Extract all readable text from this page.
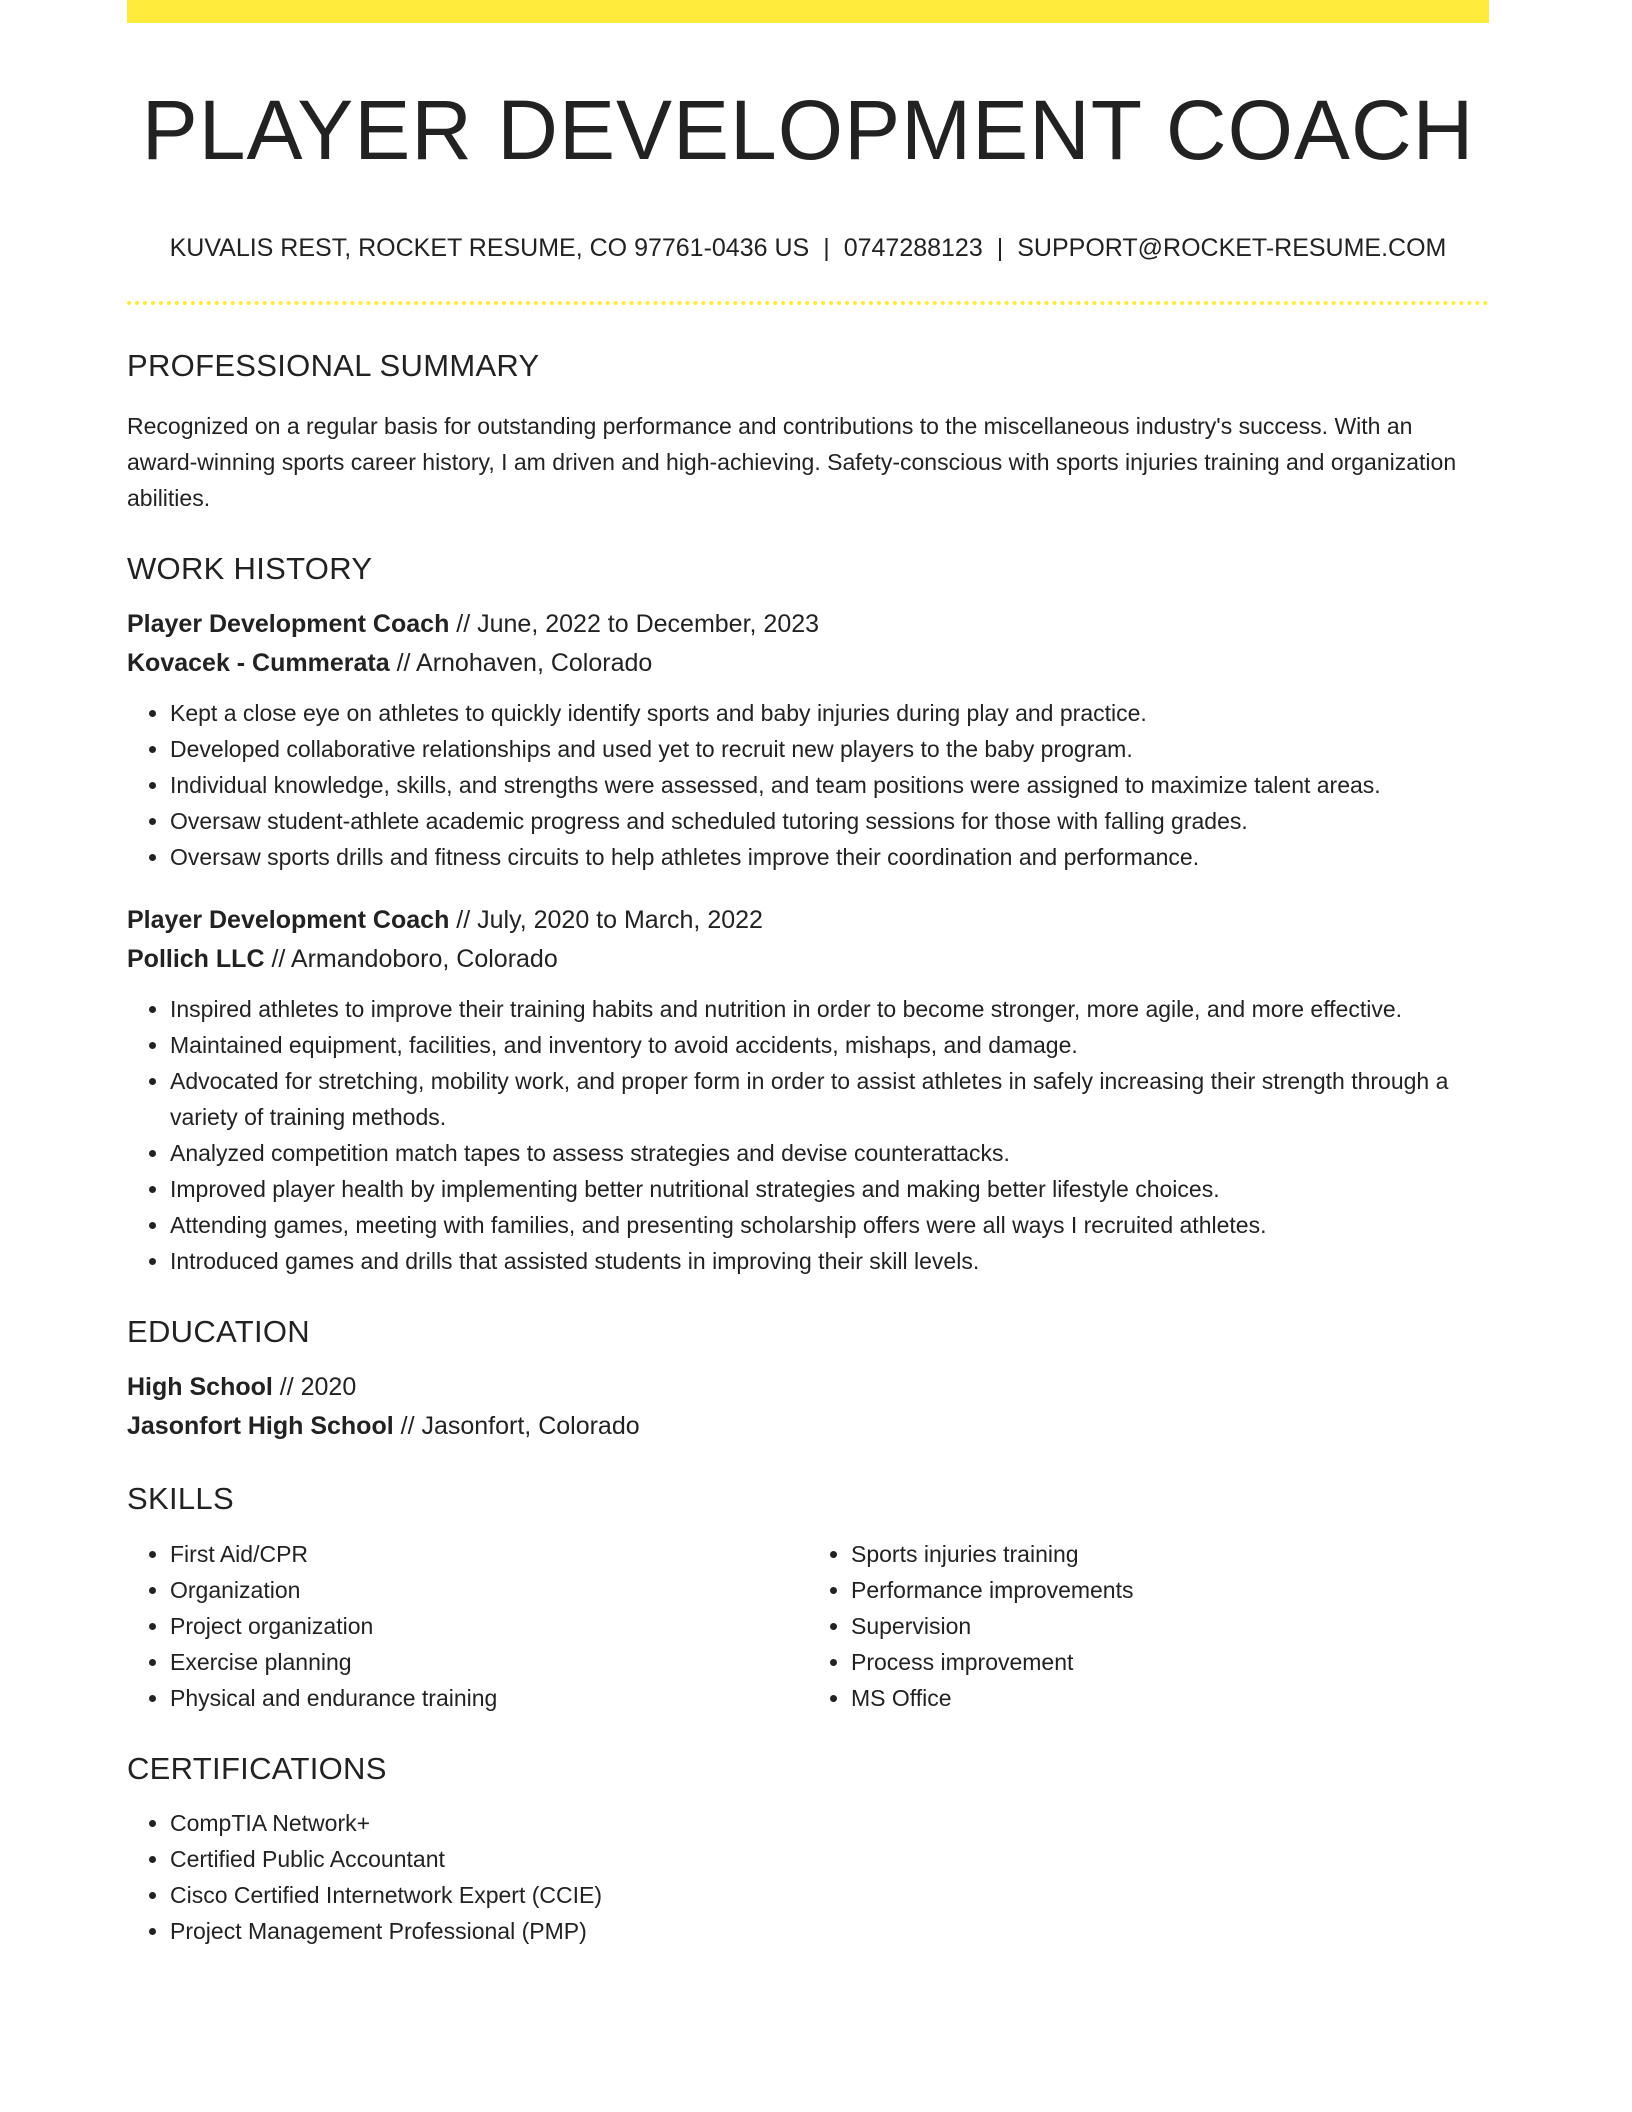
PLAYER DEVELOPMENT COACH
KUVALIS REST, ROCKET RESUME, CO 97761-0436 US | 0747288123 | SUPPORT@ROCKET-RESUME.COM
PROFESSIONAL SUMMARY
Recognized on a regular basis for outstanding performance and contributions to the miscellaneous industry's success. With an award-winning sports career history, I am driven and high-achieving. Safety-conscious with sports injuries training and organization abilities.
WORK HISTORY
Player Development Coach // June, 2022 to December, 2023
Kovacek - Cummerata // Arnohaven, Colorado
• Kept a close eye on athletes to quickly identify sports and baby injuries during play and practice.
• Developed collaborative relationships and used yet to recruit new players to the baby program.
• Individual knowledge, skills, and strengths were assessed, and team positions were assigned to maximize talent areas.
• Oversaw student-athlete academic progress and scheduled tutoring sessions for those with falling grades.
• Oversaw sports drills and fitness circuits to help athletes improve their coordination and performance.
Player Development Coach // July, 2020 to March, 2022
Pollich LLC // Armandoboro, Colorado
• Inspired athletes to improve their training habits and nutrition in order to become stronger, more agile, and more effective.
• Maintained equipment, facilities, and inventory to avoid accidents, mishaps, and damage.
• Advocated for stretching, mobility work, and proper form in order to assist athletes in safely increasing their strength through a variety of training methods.
• Analyzed competition match tapes to assess strategies and devise counterattacks.
• Improved player health by implementing better nutritional strategies and making better lifestyle choices.
• Attending games, meeting with families, and presenting scholarship offers were all ways I recruited athletes.
• Introduced games and drills that assisted students in improving their skill levels.
EDUCATION
High School // 2020
Jasonfort High School // Jasonfort, Colorado
SKILLS
• First Aid/CPR
• Organization
• Project organization
• Exercise planning
• Physical and endurance training
• Sports injuries training
• Performance improvements
• Supervision
• Process improvement
• MS Office
CERTIFICATIONS
• CompTIA Network+
• Certified Public Accountant
• Cisco Certified Internetwork Expert (CCIE)
• Project Management Professional (PMP)
